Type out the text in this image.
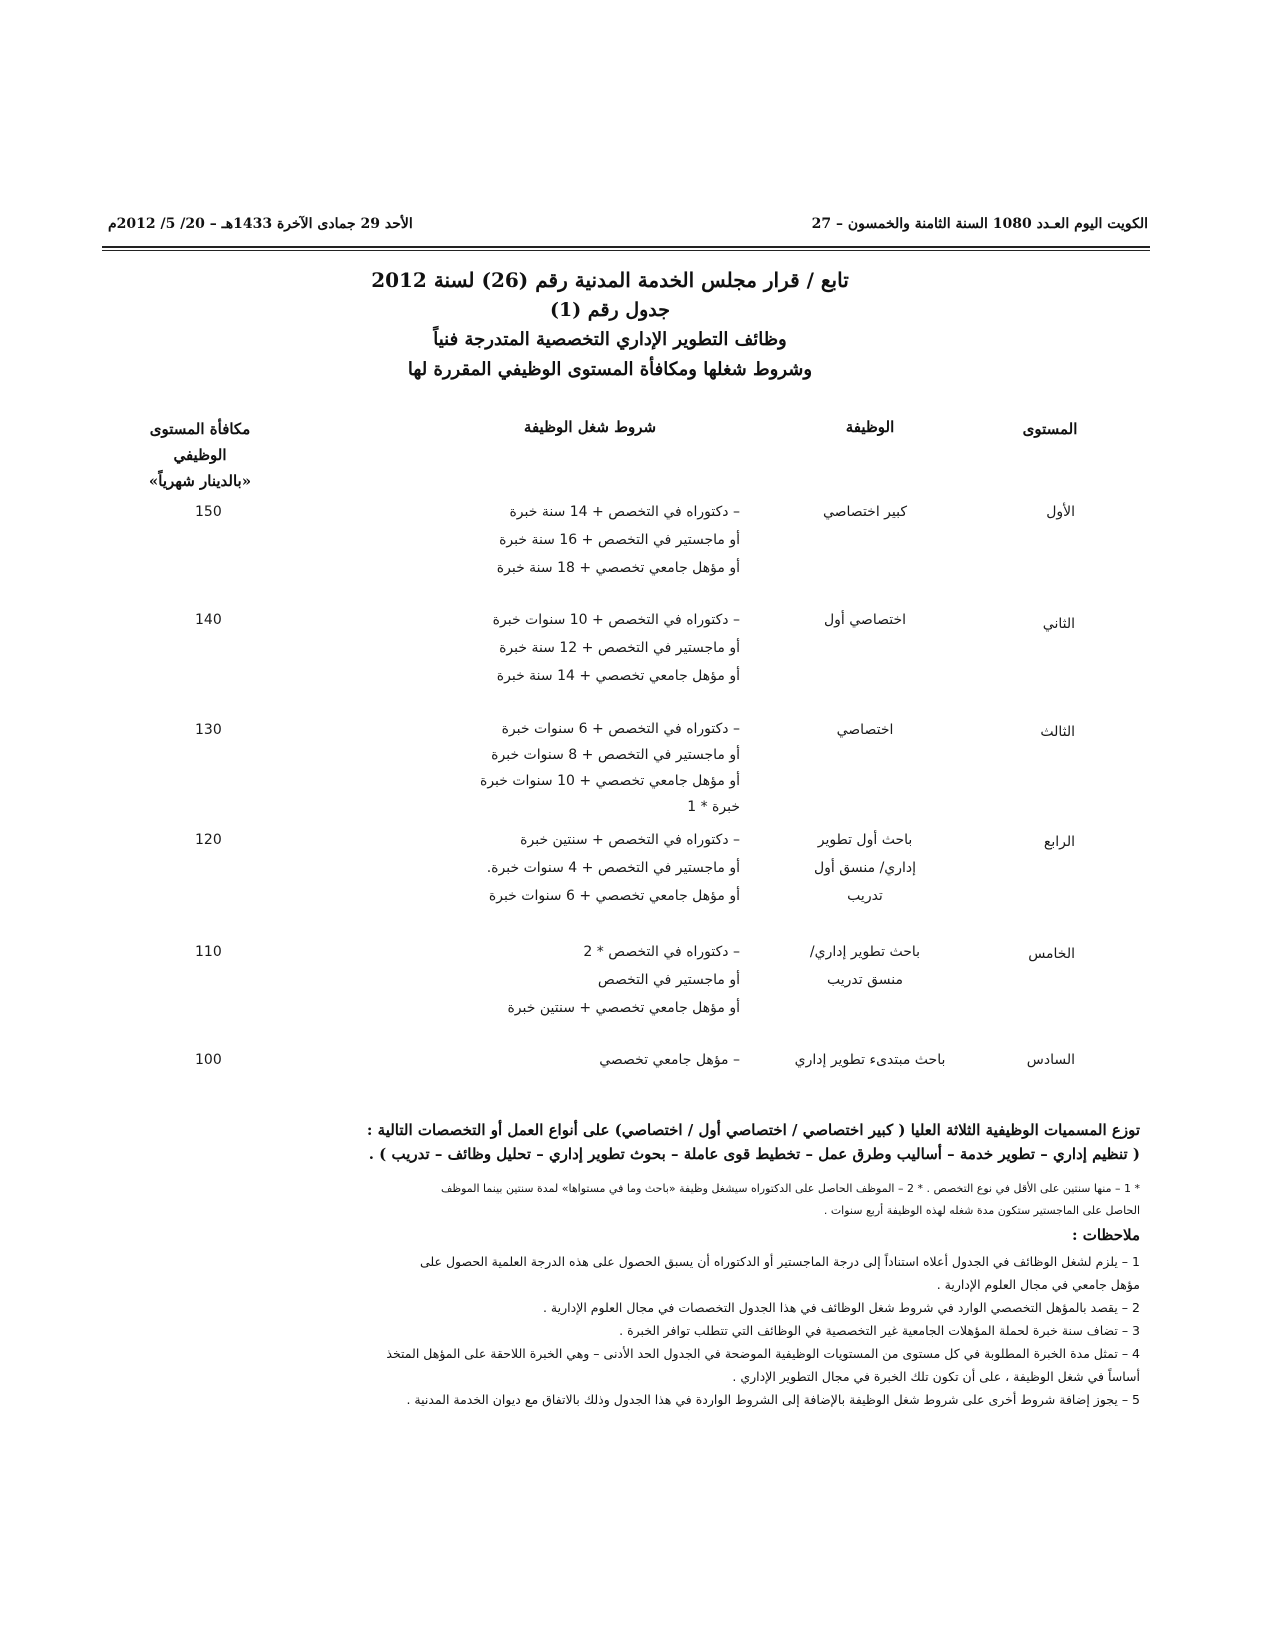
الكويت اليوم العـدد 1080 السنة الثامنة والخمسون – 27
الأحد 29 جمادى الآخرة 1433هـ – 20/ 5/ 2012م
تابع / قرار مجلس الخدمة المدنية رقم (26) لسنة 2012
جدول رقم (1)
وظائف التطوير الإداري التخصصية المتدرجة فنياً
وشروط شغلها ومكافأة المستوى الوظيفي المقررة لها
المستوى
الوظيفة
شروط شغل الوظيفة
مكافأة المستوى
الوظيفي
«بالدينار شهرياً»
الأول
كبير اختصاصي
– دكتوراه في التخصص + 14 سنة خبرة
أو ماجستير في التخصص + 16 سنة خبرة
أو مؤهل جامعي تخصصي + 18 سنة خبرة
150
الثاني
اختصاصي أول
– دكتوراه في التخصص + 10 سنوات خبرة
أو ماجستير في التخصص + 12 سنة خبرة
أو مؤهل جامعي تخصصي + 14 سنة خبرة
140
الثالث
اختصاصي
– دكتوراه في التخصص + 6 سنوات خبرة
أو ماجستير في التخصص + 8 سنوات خبرة
أو مؤهل جامعي تخصصي + 10 سنوات خبرة
خبرة * 1
130
الرابع
باحث أول تطوير
إداري/ منسق أول
تدريب
– دكتوراه في التخصص + سنتين خبرة
أو ماجستير في التخصص + 4 سنوات خبرة.
أو مؤهل جامعي تخصصي + 6 سنوات خبرة
120
الخامس
باحث تطوير إداري/
منسق تدريب
– دكتوراه في التخصص * 2
أو ماجستير في التخصص
أو مؤهل جامعي تخصصي + سنتين خبرة
110
السادس
باحث مبتدىء تطوير إداري
– مؤهل جامعي تخصصي
100
توزع المسميات الوظيفية الثلاثة العليا ( كبير اختصاصي / اختصاصي أول / اختصاصي) على أنواع العمل أو التخصصات التالية :
( تنظيم إداري – تطوير خدمة – أساليب وطرق عمل – تخطيط قوى عاملة – بحوث تطوير إداري – تحليل وظائف – تدريب ) .
* 1 – منها سنتين على الأقل في نوع التخصص . * 2 – الموظف الحاصل على الدكتوراه سيشغل وظيفة «باحث وما في مستواها» لمدة سنتين بينما الموظف
الحاصل على الماجستير ستكون مدة شغله لهذه الوظيفة أربع سنوات .
ملاحظات :
1 – يلزم لشغل الوظائف في الجدول أعلاه استناداً إلى درجة الماجستير أو الدكتوراه أن يسبق الحصول على هذه الدرجة العلمية الحصول على
مؤهل جامعي في مجال العلوم الإدارية .
2 – يقصد بالمؤهل التخصصي الوارد في شروط شغل الوظائف في هذا الجدول التخصصات في مجال العلوم الإدارية .
3 – تضاف سنة خبرة لحملة المؤهلات الجامعية غير التخصصية في الوظائف التي تتطلب توافر الخبرة .
4 – تمثل مدة الخبرة المطلوبة في كل مستوى من المستويات الوظيفية الموضحة في الجدول الحد الأدنى – وهي الخبرة اللاحقة على المؤهل المتخذ
أساساً في شغل الوظيفة ، على أن تكون تلك الخبرة في مجال التطوير الإداري .
5 – يجوز إضافة شروط أخرى على شروط شغل الوظيفة بالإضافة إلى الشروط الواردة في هذا الجدول وذلك بالاتفاق مع ديوان الخدمة المدنية .
